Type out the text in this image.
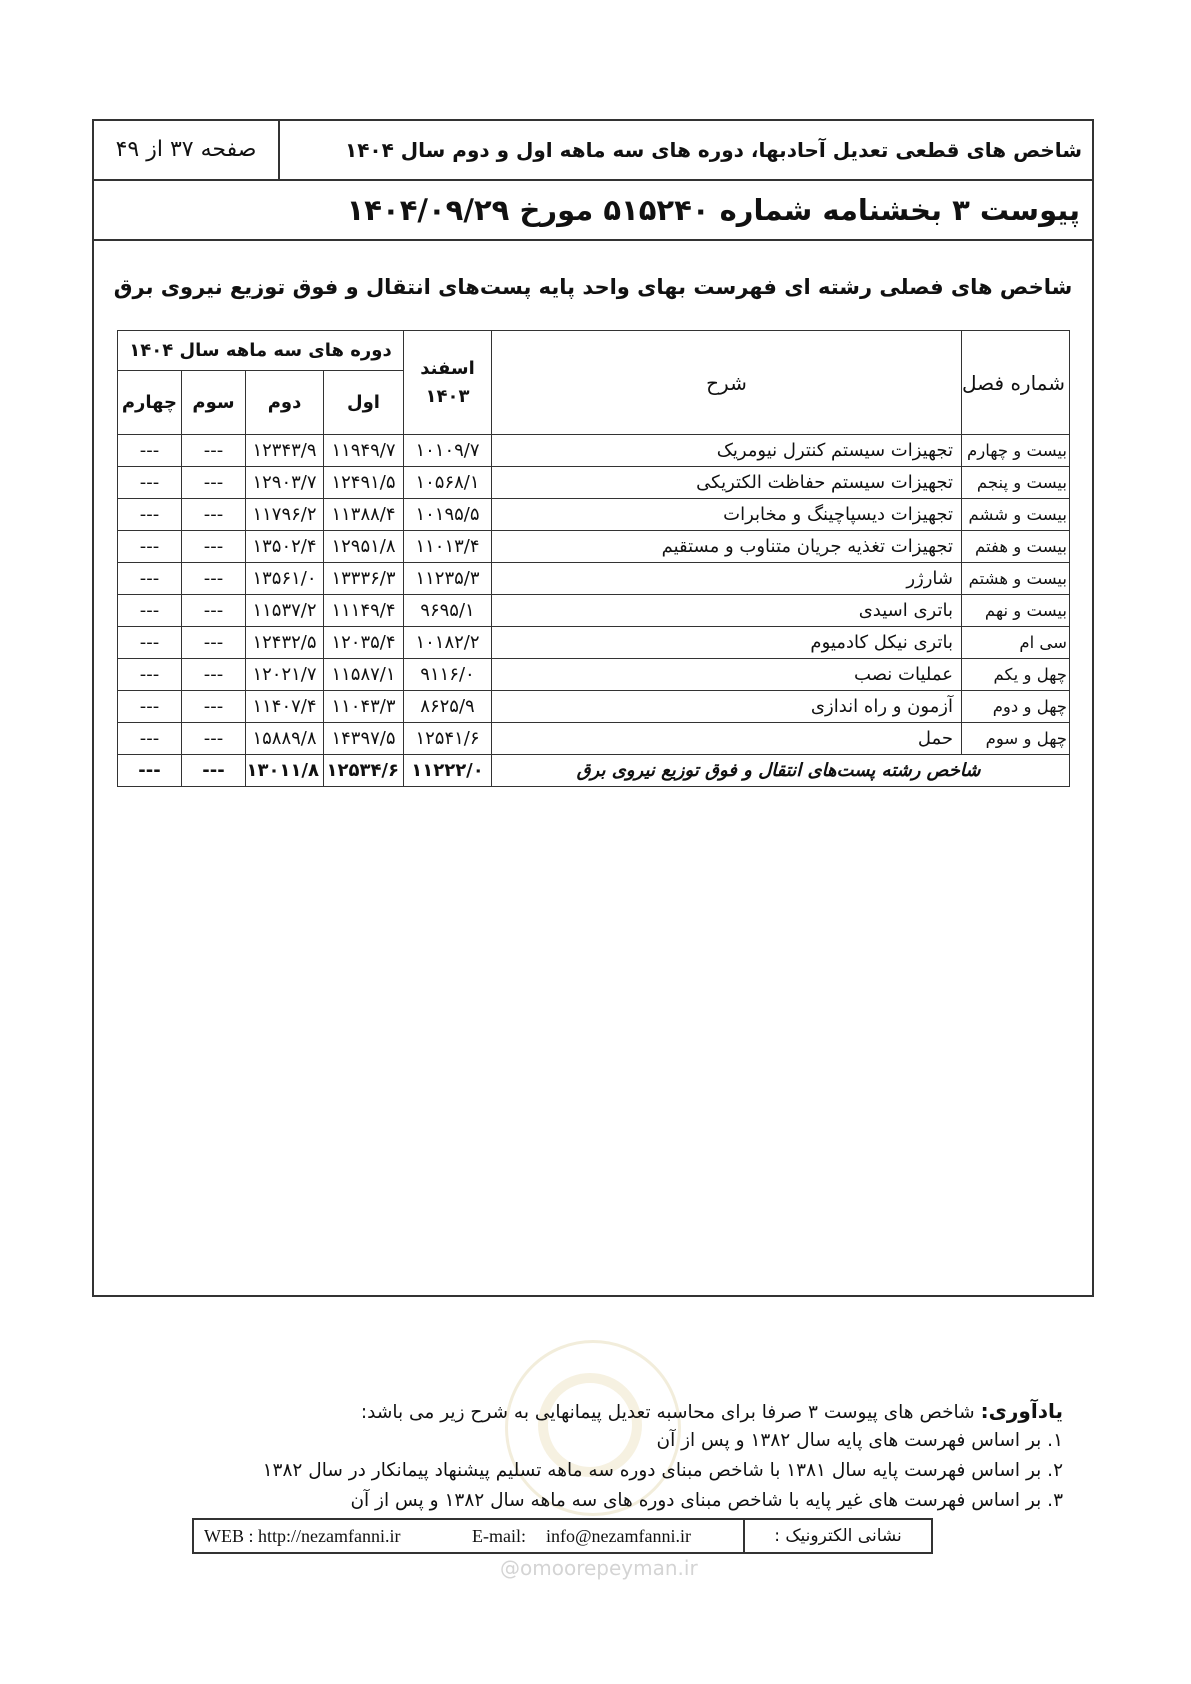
شاخص های قطعی تعدیل آحادبها، دوره های سه ماهه اول و دوم سال ۱۴۰۴
صفحه ۳۷ از ۴۹
پیوست ۳ بخشنامه شماره ۵۱۵۲۴۰ مورخ ۱۴۰۴/۰۹/۲۹
شاخص های فصلی رشته ای فهرست بهای واحد پایه پست‌های انتقال و فوق توزیع نیروی برق
شماره فصل	شرح	اسفند ۱۴۰۳	دوره های سه ماهه سال ۱۴۰۴			
			اول	دوم	سوم	چهارم
بیست و چهارم	تجهیزات سیستم کنترل نیومریک	۱۰۱۰۹/۷	۱۱۹۴۹/۷	۱۲۳۴۳/۹	---	---
بیست و پنجم	تجهیزات سیستم حفاظت الکتریکی	۱۰۵۶۸/۱	۱۲۴۹۱/۵	۱۲۹۰۳/۷	---	---
بیست و ششم	تجهیزات دیسپاچینگ و مخابرات	۱۰۱۹۵/۵	۱۱۳۸۸/۴	۱۱۷۹۶/۲	---	---
بیست و هفتم	تجهیزات تغذیه جریان متناوب و مستقیم	۱۱۰۱۳/۴	۱۲۹۵۱/۸	۱۳۵۰۲/۴	---	---
بیست و هشتم	شارژر	۱۱۲۳۵/۳	۱۳۳۳۶/۳	۱۳۵۶۱/۰	---	---
بیست و نهم	باتری اسیدی	۹۶۹۵/۱	۱۱۱۴۹/۴	۱۱۵۳۷/۲	---	---
سی ام	باتری نیکل کادمیوم	۱۰۱۸۲/۲	۱۲۰۳۵/۴	۱۲۴۳۲/۵	---	---
چهل و یکم	عملیات نصب	۹۱۱۶/۰	۱۱۵۸۷/۱	۱۲۰۲۱/۷	---	---
چهل و دوم	آزمون و راه اندازی	۸۶۲۵/۹	۱۱۰۴۳/۳	۱۱۴۰۷/۴	---	---
چهل و سوم	حمل	۱۲۵۴۱/۶	۱۴۳۹۷/۵	۱۵۸۸۹/۸	---	---
شاخص رشته پست‌های انتقال و فوق توزیع نیروی برق		۱۱۲۲۲/۰	۱۲۵۳۴/۶	۱۳۰۱۱/۸	---	---
@omoorepeyman.ir
یادآوری: شاخص های پیوست ۳ صرفا برای محاسبه تعدیل پیمانهایی به شرح زیر می باشد:
۱. بر اساس فهرست های پایه سال ۱۳۸۲ و پس از آن
۲. بر اساس فهرست پایه سال ۱۳۸۱ با شاخص مبنای دوره سه ماهه تسلیم پیشنهاد پیمانکار در سال ۱۳۸۲
۳. بر اساس فهرست های غیر پایه با شاخص مبنای دوره های سه ماهه سال ۱۳۸۲ و پس از آن
WEB : http://nezamfanni.ir	E-mail: info@nezamfanni.ir	نشانی الکترونیک :
